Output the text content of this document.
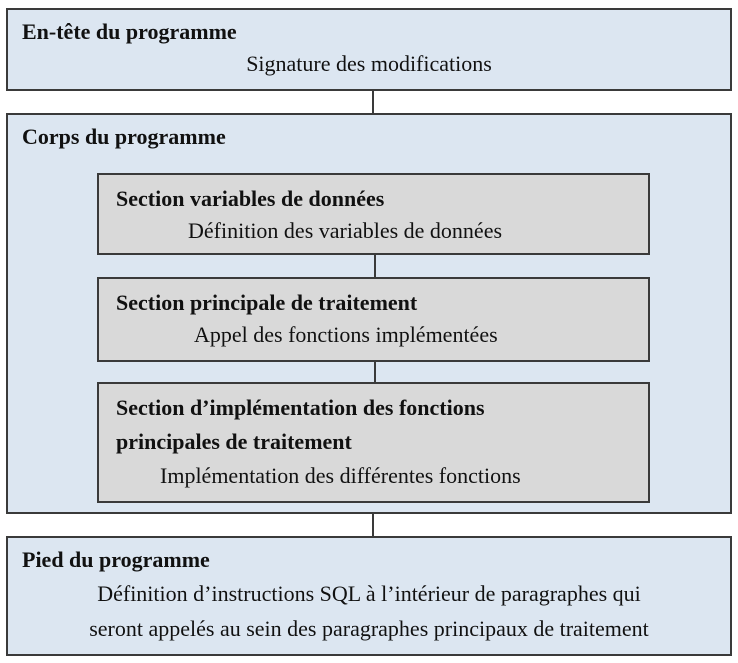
En-tête du programme
Signature des modifications
Corps du programme
Section variables de données
Définition des variables de données
Section principale de traitement
Appel des fonctions implémentées
Section d’implémentation des fonctions
principales de traitement
Implémentation des différentes fonctions
Pied du programme
Définition d’instructions SQL à l’intérieur de paragraphes qui
seront appelés au sein des paragraphes principaux de traitement
